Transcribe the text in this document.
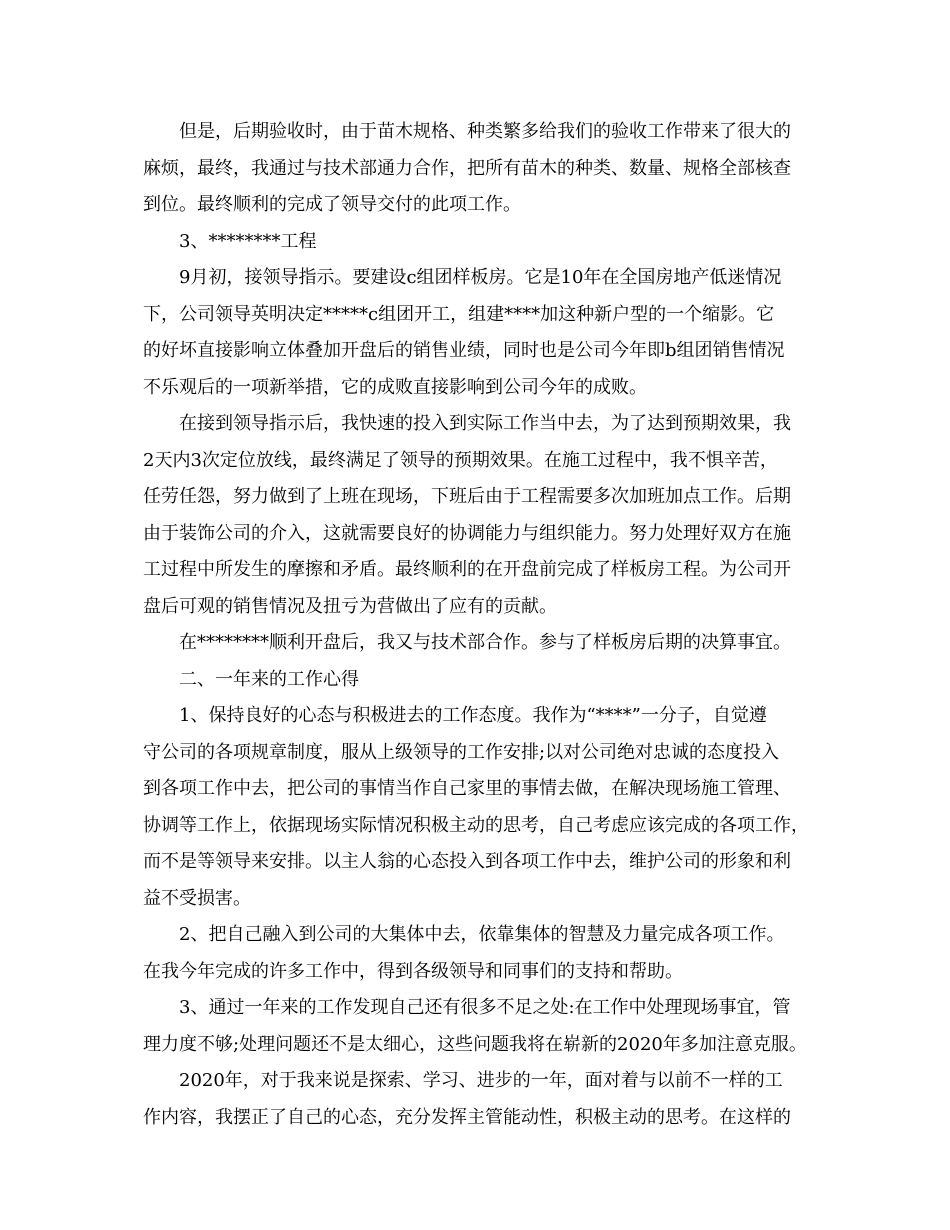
但是，后期验收时，由于苗木规格、种类繁多给我们的验收工作带来了很大的
麻烦，最终，我通过与技术部通力合作，把所有苗木的种类、数量、规格全部核查
到位。最终顺利的完成了领导交付的此项工作。
3、********工程
9月初，接领导指示。要建设c组团样板房。它是10年在全国房地产低迷情况
下，公司领导英明决定*****c组团开工，组建****加这种新户型的一个缩影。它
的好坏直接影响立体叠加开盘后的销售业绩，同时也是公司今年即b组团销售情况
不乐观后的一项新举措，它的成败直接影响到公司今年的成败。
在接到领导指示后，我快速的投入到实际工作当中去，为了达到预期效果，我
2天内3次定位放线，最终满足了领导的预期效果。在施工过程中，我不惧辛苦，
任劳任怨，努力做到了上班在现场，下班后由于工程需要多次加班加点工作。后期
由于装饰公司的介入，这就需要良好的协调能力与组织能力。努力处理好双方在施
工过程中所发生的摩擦和矛盾。最终顺利的在开盘前完成了样板房工程。为公司开
盘后可观的销售情况及扭亏为营做出了应有的贡献。
在********顺利开盘后，我又与技术部合作。参与了样板房后期的决算事宜。
二、一年来的工作心得
1、保持良好的心态与积极进去的工作态度。我作为“****”一分子，自觉遵
守公司的各项规章制度，服从上级领导的工作安排;以对公司绝对忠诚的态度投入
到各项工作中去，把公司的事情当作自己家里的事情去做，在解决现场施工管理、
协调等工作上，依据现场实际情况积极主动的思考，自己考虑应该完成的各项工作，
而不是等领导来安排。以主人翁的心态投入到各项工作中去，维护公司的形象和利
益不受损害。
2、把自己融入到公司的大集体中去，依靠集体的智慧及力量完成各项工作。
在我今年完成的许多工作中，得到各级领导和同事们的支持和帮助。
3、通过一年来的工作发现自己还有很多不足之处:在工作中处理现场事宜，管
理力度不够;处理问题还不是太细心，这些问题我将在崭新的2020年多加注意克服。
2020年，对于我来说是探索、学习、进步的一年，面对着与以前不一样的工
作内容，我摆正了自己的心态，充分发挥主管能动性，积极主动的思考。在这样的
